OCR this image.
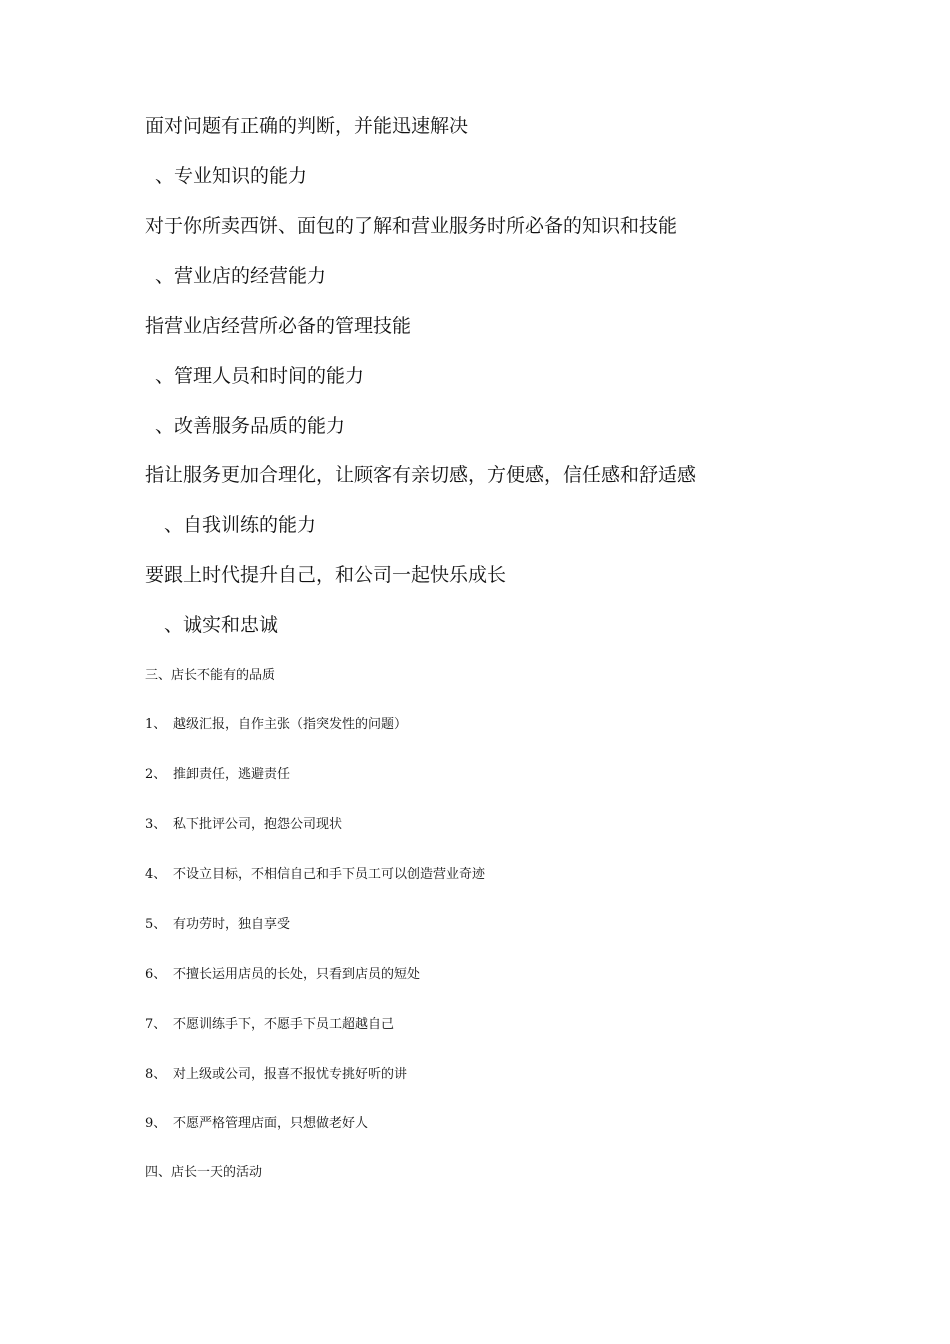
面对问题有正确的判断，并能迅速解决
、专业知识的能力
对于你所卖西饼、面包的了解和营业服务时所必备的知识和技能
、营业店的经营能力
指营业店经营所必备的管理技能
、管理人员和时间的能力
、改善服务品质的能力
指让服务更加合理化，让顾客有亲切感，方便感，信任感和舒适感
、自我训练的能力
要跟上时代提升自己，和公司一起快乐成长
、诚实和忠诚
三、店长不能有的品质
1、 越级汇报，自作主张（指突发性的问题）
2、 推卸责任，逃避责任
3、 私下批评公司，抱怨公司现状
4、 不设立目标，不相信自己和手下员工可以创造营业奇迹
5、 有功劳时，独自享受
6、 不擅长运用店员的长处，只看到店员的短处
7、 不愿训练手下，不愿手下员工超越自己
8、 对上级或公司，报喜不报忧专挑好听的讲
9、 不愿严格管理店面，只想做老好人
四、店长一天的活动
